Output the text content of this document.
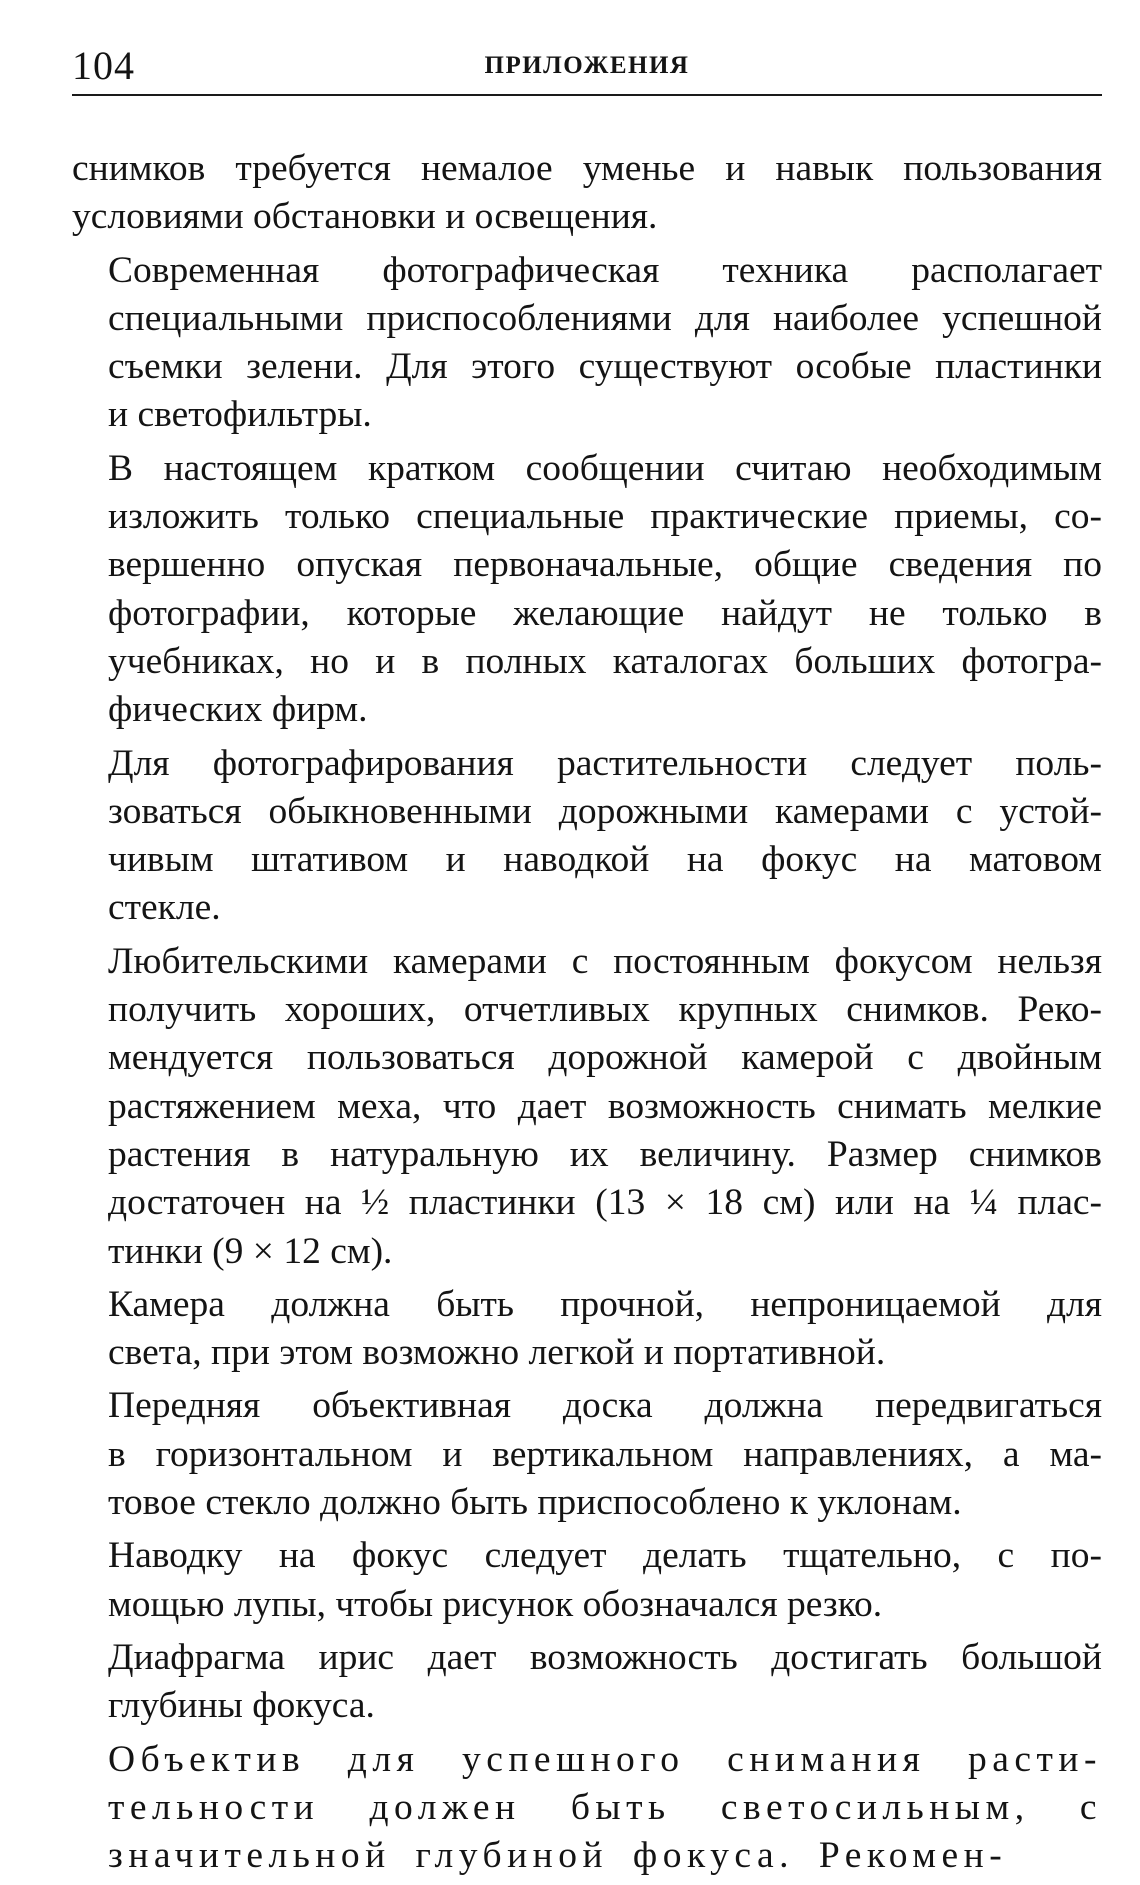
104	ПРИЛОЖЕНИЯ

снимков требуется немалое уменье и навык пользования
условиями обстановки и освещения.

Современная фотографическая техника располагает
специальными приспособлениями для наиболее успешной
съемки зелени. Для этого существуют особые пластинки
и светофильтры.

В настоящем кратком сообщении считаю необходимым
изложить только специальные практические приемы, со-
вершенно опуская первоначальные, общие сведения по
фотографии, которые желающие найдут не только в
учебниках, но и в полных каталогах больших фотогра-
фических фирм.

Для фотографирования растительности следует поль-
зоваться обыкновенными дорожными камерами с устой-
чивым штативом и наводкой на фокус на матовом
стекле.

Любительскими камерами с постоянным фокусом нельзя
получить хороших, отчетливых крупных снимков. Реко-
мендуется пользоваться дорожной камерой с двойным
растяжением меха, что дает возможность снимать мелкие
растения в натуральную их величину. Размер снимков
достаточен на ½ пластинки (13 × 18 см) или на ¼ плас-
тинки (9 × 12 см).

Камера должна быть прочной, непроницаемой для
света, при этом возможно легкой и портативной.

Передняя объективная доска должна передвигаться
в горизонтальном и вертикальном направлениях, а ма-
товое стекло должно быть приспособлено к уклонам.

Наводку на фокус следует делать тщательно, с по-
мощью лупы, чтобы рисунок обозначался резко.

Диафрагма ирис дает возможность достигать большой
глубины фокуса.

Объектив для успешного снимания расти-
тельности должен быть светосильным, с
значительной глубиной фокуса. Рекомен-
